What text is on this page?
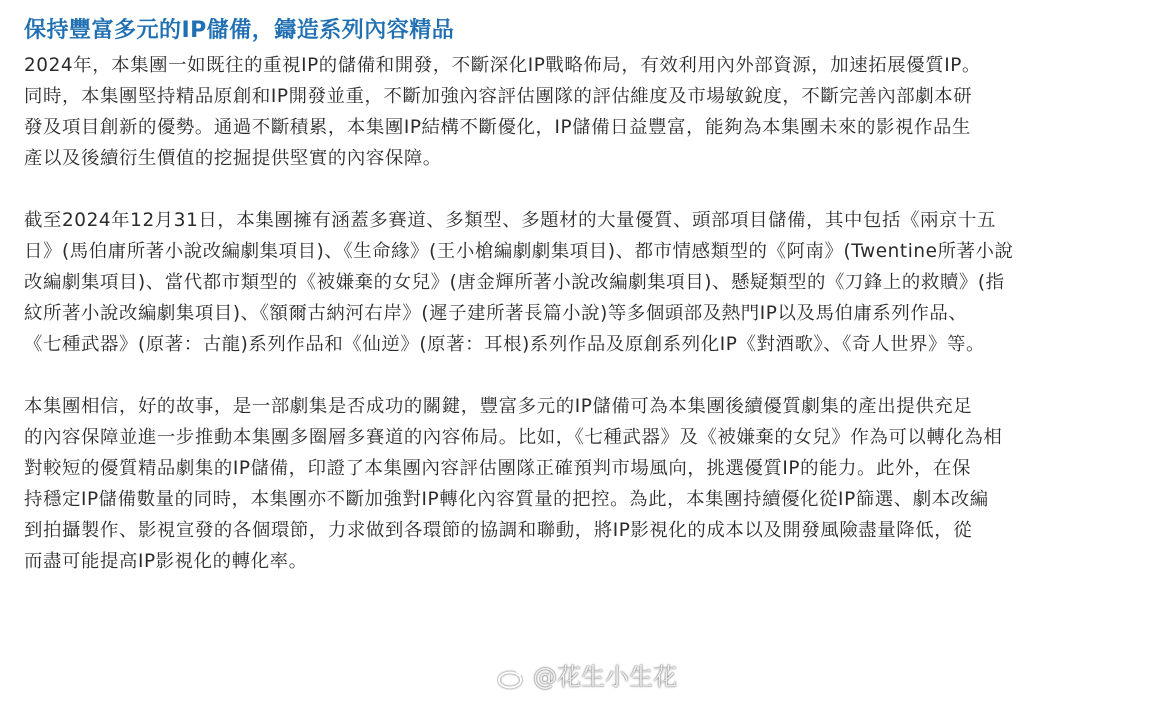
保持豐富多元的IP儲備，鑄造系列內容精品

2024年，本集團一如既往的重視IP的儲備和開發，不斷深化IP戰略佈局，有效利用內外部資源，加速拓展優質IP。
同時，本集團堅持精品原創和IP開發並重，不斷加強內容評估團隊的評估維度及市場敏銳度，不斷完善內部劇本研
發及項目創新的優勢。通過不斷積累，本集團IP結構不斷優化，IP儲備日益豐富，能夠為本集團未來的影視作品生
產以及後續衍生價值的挖掘提供堅實的內容保障。

截至2024年12月31日，本集團擁有涵蓋多賽道、多類型、多題材的大量優質、頭部項目儲備，其中包括《兩京十五
日》(馬伯庸所著小說改編劇集項目)、《生命緣》(王小槍編劇劇集項目)、都市情感類型的《阿南》(Twentine所著小說
改編劇集項目)、當代都市類型的《被嫌棄的女兒》(唐金輝所著小說改編劇集項目)、懸疑類型的《刀鋒上的救贖》(指
紋所著小說改編劇集項目)、《額爾古納河右岸》(遲子建所著長篇小說)等多個頭部及熱門IP以及馬伯庸系列作品、
《七種武器》(原著：古龍)系列作品和《仙逆》(原著：耳根)系列作品及原創系列化IP《對酒歌》、《奇人世界》等。

本集團相信，好的故事，是一部劇集是否成功的關鍵，豐富多元的IP儲備可為本集團後續優質劇集的產出提供充足
的內容保障並進一步推動本集團多圈層多賽道的內容佈局。比如，《七種武器》及《被嫌棄的女兒》作為可以轉化為相
對較短的優質精品劇集的IP儲備，印證了本集團內容評估團隊正確預判市場風向，挑選優質IP的能力。此外，在保
持穩定IP儲備數量的同時，本集團亦不斷加強對IP轉化內容質量的把控。為此，本集團持續優化從IP篩選、劇本改編
到拍攝製作、影視宣發的各個環節，力求做到各環節的協調和聯動，將IP影視化的成本以及開發風險盡量降低，從
而盡可能提高IP影視化的轉化率。

@花生小生花
